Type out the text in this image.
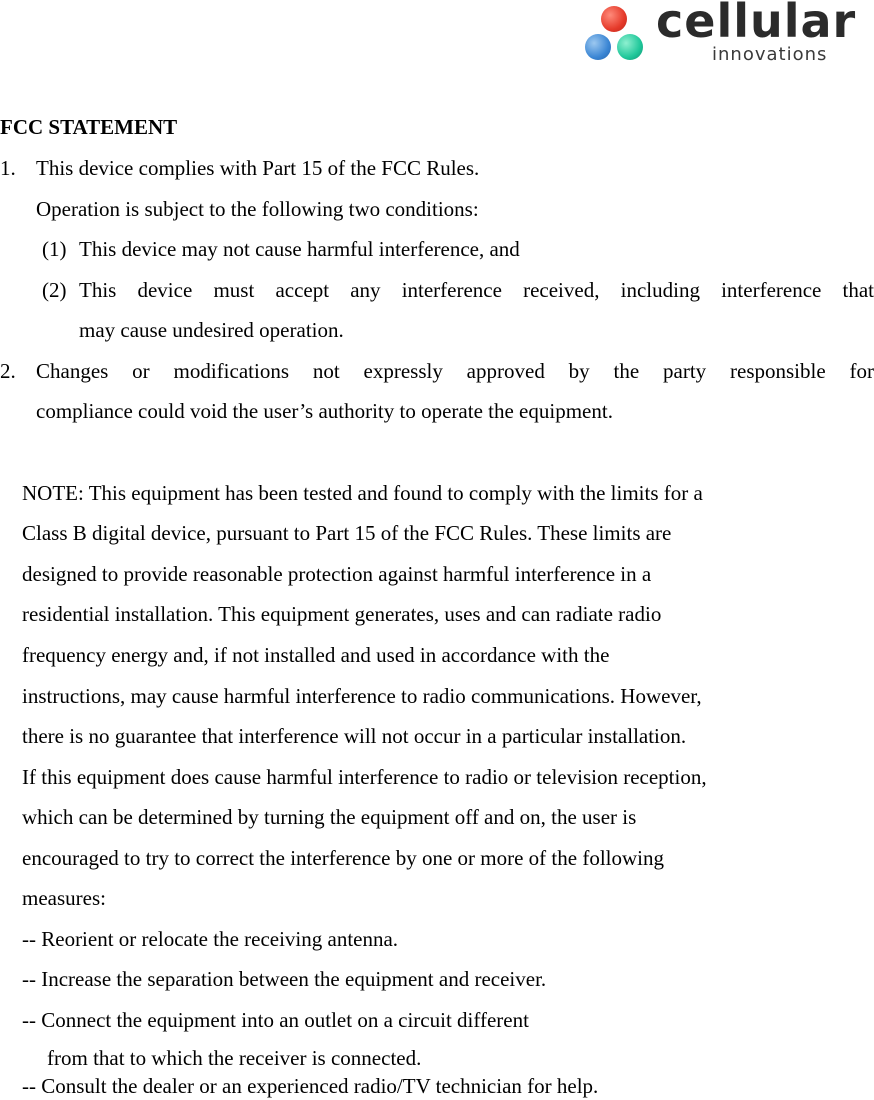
cellular
innovations
FCC STATEMENT
1. This device complies with Part 15 of the FCC Rules.
Operation is subject to the following two conditions:
(1) This device may not cause harmful interference, and
(2) This device must accept any interference received, including interference that
may cause undesired operation.
2. Changes or modifications not expressly approved by the party responsible for
compliance could void the user’s authority to operate the equipment.
NOTE: This equipment has been tested and found to comply with the limits for a
Class B digital device, pursuant to Part 15 of the FCC Rules. These limits are
designed to provide reasonable protection against harmful interference in a
residential installation. This equipment generates, uses and can radiate radio
frequency energy and, if not installed and used in accordance with the
instructions, may cause harmful interference to radio communications. However,
there is no guarantee that interference will not occur in a particular installation.
If this equipment does cause harmful interference to radio or television reception,
which can be determined by turning the equipment off and on, the user is
encouraged to try to correct the interference by one or more of the following
measures:
-- Reorient or relocate the receiving antenna.
-- Increase the separation between the equipment and receiver.
-- Connect the equipment into an outlet on a circuit different
from that to which the receiver is connected.
-- Consult the dealer or an experienced radio/TV technician for help.
